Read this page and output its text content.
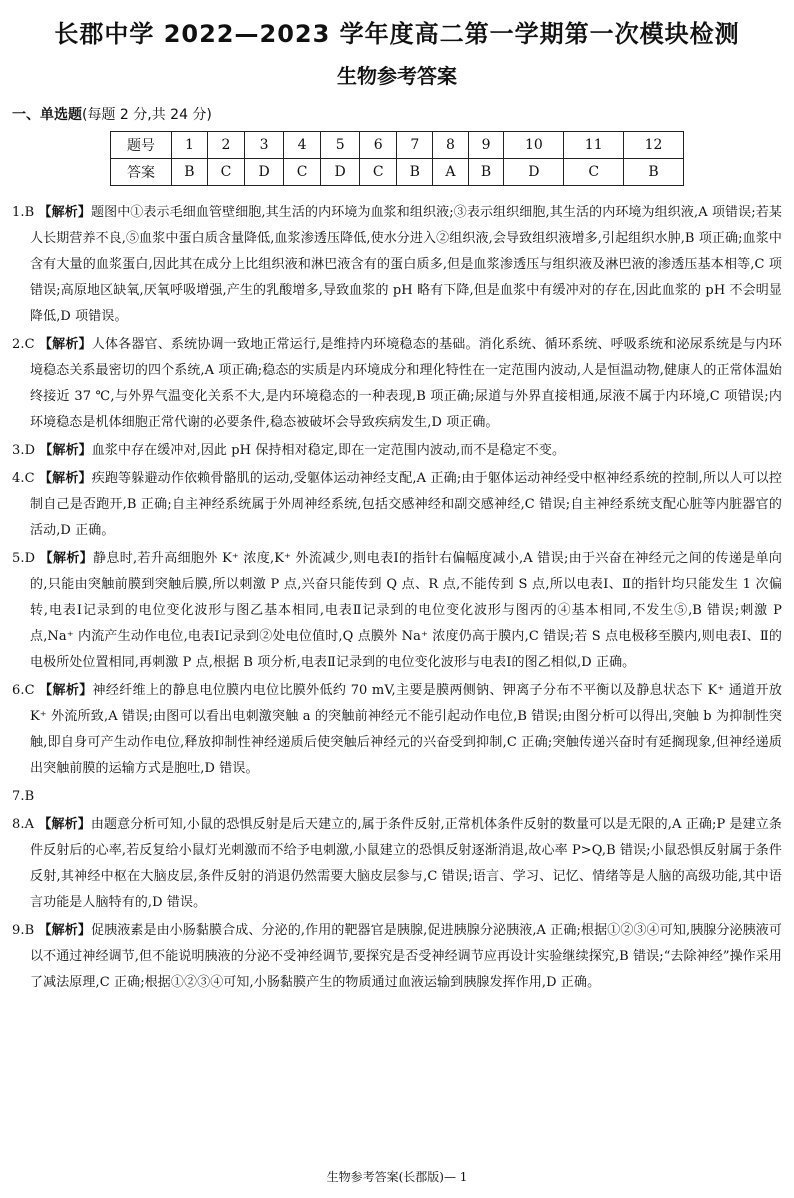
长郡中学 2022—2023 学年度高二第一学期第一次模块检测
生物参考答案
一、单选题(每题 2 分,共 24 分)
题号	1	2	3	4	5	6	7	8	9	10	11	12
答案	B	C	D	C	D	C	B	A	B	D	C	B

1.B 【解析】题图中①表示毛细血管壁细胞,其生活的内环境为血浆和组织液;③表示组织细胞,其生活的内环境为组织液,A 项错误;若某人长期营养不良,⑤血浆中蛋白质含量降低,血浆渗透压降低,使水分进入②组织液,会导致组织液增多,引起组织水肿,B 项正确;血浆中含有大量的血浆蛋白,因此其在成分上比组织液和淋巴液含有的蛋白质多,但是血浆渗透压与组织液及淋巴液的渗透压基本相等,C 项错误;高原地区缺氧,厌氧呼吸增强,产生的乳酸增多,导致血浆的 pH 略有下降,但是血浆中有缓冲对的存在,因此血浆的 pH 不会明显降低,D 项错误。

2.C 【解析】人体各器官、系统协调一致地正常运行,是维持内环境稳态的基础。消化系统、循环系统、呼吸系统和泌尿系统是与内环境稳态关系最密切的四个系统,A 项正确;稳态的实质是内环境成分和理化特性在一定范围内波动,人是恒温动物,健康人的正常体温始终接近 37 ℃,与外界气温变化关系不大,是内环境稳态的一种表现,B 项正确;尿道与外界直接相通,尿液不属于内环境,C 项错误;内环境稳态是机体细胞正常代谢的必要条件,稳态被破坏会导致疾病发生,D 项正确。

3.D 【解析】血浆中存在缓冲对,因此 pH 保持相对稳定,即在一定范围内波动,而不是稳定不变。

4.C 【解析】疾跑等躲避动作依赖骨骼肌的运动,受躯体运动神经支配,A 正确;由于躯体运动神经受中枢神经系统的控制,所以人可以控制自己是否跑开,B 正确;自主神经系统属于外周神经系统,包括交感神经和副交感神经,C 错误;自主神经系统支配心脏等内脏器官的活动,D 正确。

5.D 【解析】静息时,若升高细胞外 K⁺ 浓度,K⁺ 外流减少,则电表Ⅰ的指针右偏幅度减小,A 错误;由于兴奋在神经元之间的传递是单向的,只能由突触前膜到突触后膜,所以刺激 P 点,兴奋只能传到 Q 点、R 点,不能传到 S 点,所以电表Ⅰ、Ⅱ的指针均只能发生 1 次偏转,电表Ⅰ记录到的电位变化波形与图乙基本相同,电表Ⅱ记录到的电位变化波形与图丙的④基本相同,不发生⑤,B 错误;刺激 P 点,Na⁺ 内流产生动作电位,电表Ⅰ记录到②处电位值时,Q 点膜外 Na⁺ 浓度仍高于膜内,C 错误;若 S 点电极移至膜内,则电表Ⅰ、Ⅱ的电极所处位置相同,再刺激 P 点,根据 B 项分析,电表Ⅱ记录到的电位变化波形与电表Ⅰ的图乙相似,D 正确。

6.C 【解析】神经纤维上的静息电位膜内电位比膜外低约 70 mV,主要是膜两侧钠、钾离子分布不平衡以及静息状态下 K⁺ 通道开放 K⁺ 外流所致,A 错误;由图可以看出电刺激突触 a 的突触前神经元不能引起动作电位,B 错误;由图分析可以得出,突触 b 为抑制性突触,即自身可产生动作电位,释放抑制性神经递质后使突触后神经元的兴奋受到抑制,C 正确;突触传递兴奋时有延搁现象,但神经递质出突触前膜的运输方式是胞吐,D 错误。

7.B

8.A 【解析】由题意分析可知,小鼠的恐惧反射是后天建立的,属于条件反射,正常机体条件反射的数量可以是无限的,A 正确;P 是建立条件反射后的心率,若反复给小鼠灯光刺激而不给予电刺激,小鼠建立的恐惧反射逐渐消退,故心率 P>Q,B 错误;小鼠恐惧反射属于条件反射,其神经中枢在大脑皮层,条件反射的消退仍然需要大脑皮层参与,C 错误;语言、学习、记忆、情绪等是人脑的高级功能,其中语言功能是人脑特有的,D 错误。

9.B 【解析】促胰液素是由小肠黏膜合成、分泌的,作用的靶器官是胰腺,促进胰腺分泌胰液,A 正确;根据①②③④可知,胰腺分泌胰液可以不通过神经调节,但不能说明胰液的分泌不受神经调节,要探究是否受神经调节应再设计实验继续探究,B 错误;“去除神经”操作采用了减法原理,C 正确;根据①②③④可知,小肠黏膜产生的物质通过血液运输到胰腺发挥作用,D 正确。

生物参考答案(长郡版)— 1
